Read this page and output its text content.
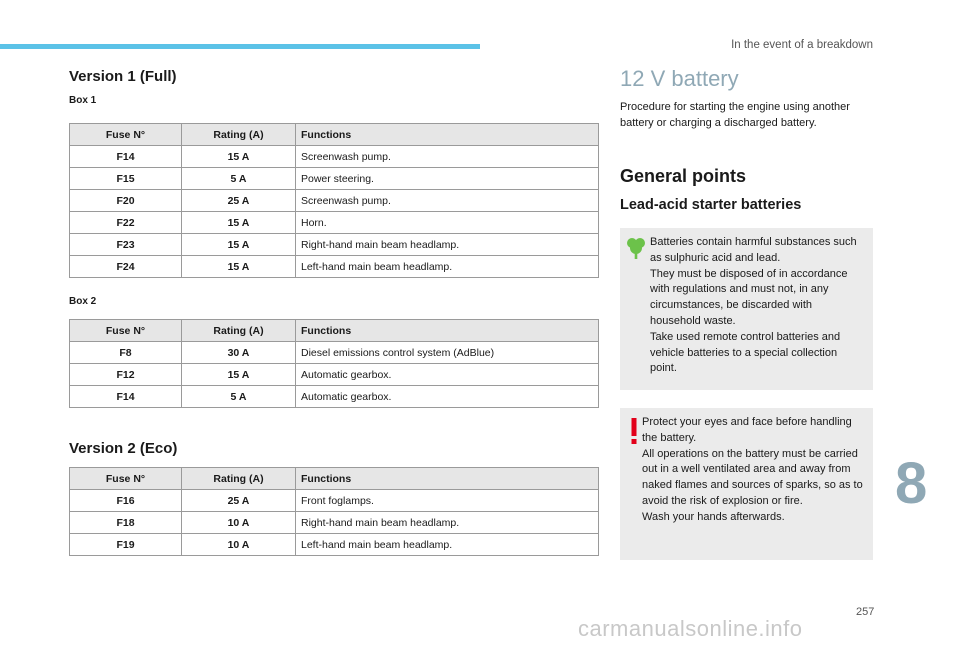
In the event of a breakdown
Version 1 (Full)
Box 1
Fuse N°	Rating (A)	Functions
F14	15 A	Screenwash pump.
F15	5 A	Power steering.
F20	25 A	Screenwash pump.
F22	15 A	Horn.
F23	15 A	Right-hand main beam headlamp.
F24	15 A	Left-hand main beam headlamp.
Box 2
Fuse N°	Rating (A)	Functions
F8	30 A	Diesel emissions control system (AdBlue)
F12	15 A	Automatic gearbox.
F14	5 A	Automatic gearbox.
Version 2 (Eco)
Fuse N°	Rating (A)	Functions
F16	25 A	Front foglamps.
F18	10 A	Right-hand main beam headlamp.
F19	10 A	Left-hand main beam headlamp.
12 V battery
Procedure for starting the engine using another battery or charging a discharged battery.
General points
Lead-acid starter batteries
Batteries contain harmful substances such as sulphuric acid and lead.
They must be disposed of in accordance with regulations and must not, in any circumstances, be discarded with household waste.
Take used remote control batteries and vehicle batteries to a special collection point.
Protect your eyes and face before handling the battery.
All operations on the battery must be carried out in a well ventilated area and away from naked flames and sources of sparks, so as to avoid the risk of explosion or fire.
Wash your hands afterwards.
8
257
carmanualsonline.info
